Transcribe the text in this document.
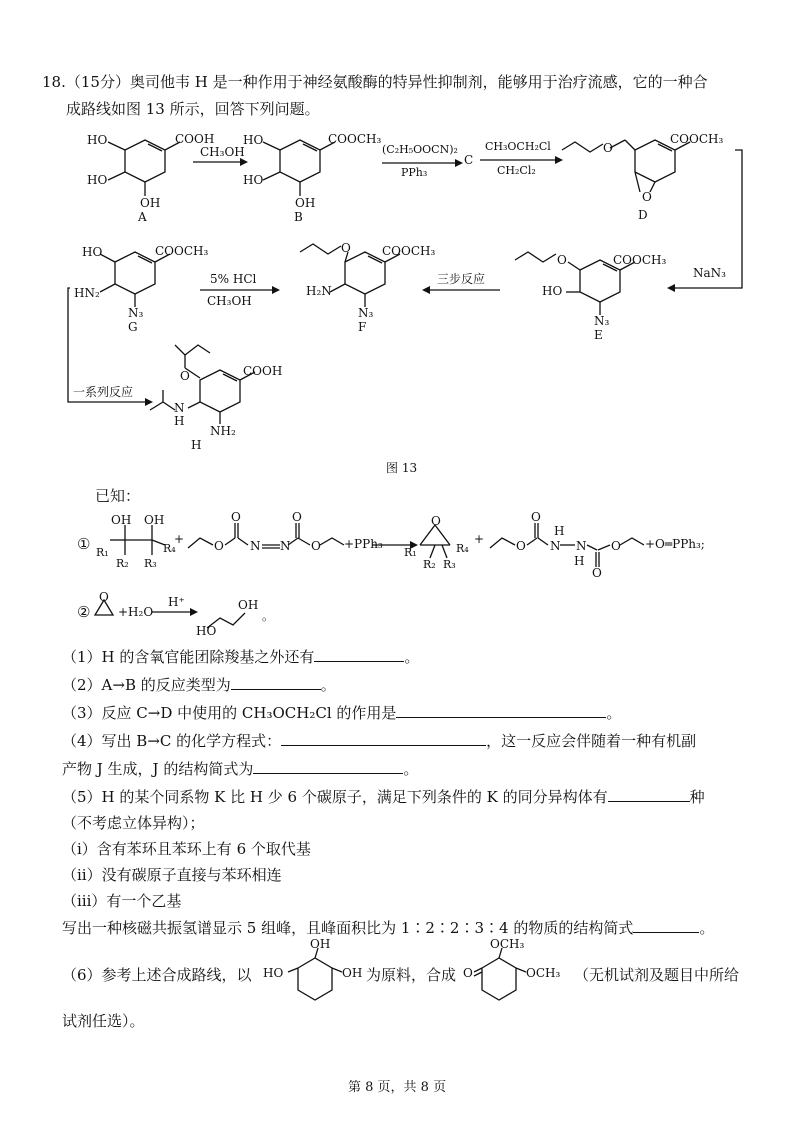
18.（15分）奥司他韦 H 是一种作用于神经氨酸酶的特异性抑制剂，能够用于治疗流感，它的一种合
成路线如图 13 所示，回答下列问题。
HO
HO
OH
COOH
A
CH₃OH
HO
HO
OH
COOCH₃
B
(C₂H₅OOCN)₂
PPh₃
C
CH₃OCH₂Cl
CH₂Cl₂
O
O
COOCH₃
D
NaN₃
O	COOCH₃
HO
N₃
E
三步反应
O	COOCH₃
H₂N
N₃
F
5% HCl
CH₃OH
HO	COOCH₃
HN₂
N₃
G
一系列反应
O	COOH
N
H
NH₂
H
图 13
已知：
①
OH OH
R₁
R₂ R₃
R₄
+ O
O
N N
O
O +PPh₃
O
R₁
R₂ R₃
R₄
+	O
O
N
H
N
H
O
O +O═PPh₃;
②
O
+H₂O
H⁺
HO
OH
。
（1）H 的含氧官能团除羧基之外还有	。
（2）A→B 的反应类型为	。
（3）反应 C→D 中使用的 CH₃OCH₂Cl 的作用是	。
（4）写出 B→C 的化学方程式：	，这一反应会伴随着一种有机副
产物 J 生成，J 的结构简式为	。
（5）H 的某个同系物 K 比 H 少 6 个碳原子，满足下列条件的 K 的同分异构体有	种
（不考虑立体异构）；
（ⅰ）含有苯环且苯环上有 6 个取代基
（ⅱ）没有碳原子直接与苯环相连
（ⅲ）有一个乙基
写出一种核磁共振氢谱显示 5 组峰，且峰面积比为 1∶2∶2∶3∶4 的物质的结构简式	。
（6）参考上述合成路线，以 HO
OH
OH 为原料，合成 O
OCH₃
OCH₃ （无机试剂及题目中所给
试剂任选）。
第 8 页，共 8 页
